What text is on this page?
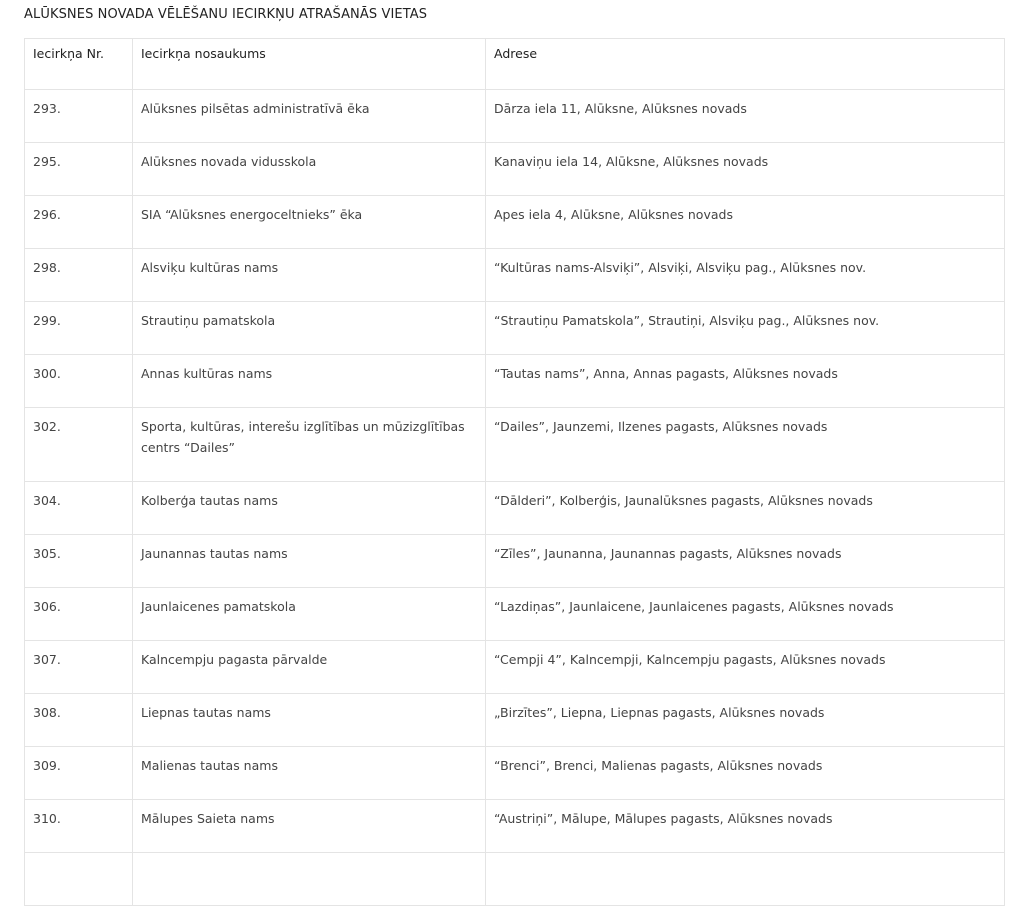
ALŪKSNES NOVADA VĒLĒŠANU IECIRKŅU ATRAŠANĀS VIETAS
Iecirkņa Nr.	Iecirkņa nosaukums	Adrese
293.	Alūksnes pilsētas administratīvā ēka	Dārza iela 11, Alūksne, Alūksnes novads
295.	Alūksnes novada vidusskola	Kanaviņu iela 14, Alūksne, Alūksnes novads
296.	SIA “Alūksnes energoceltnieks” ēka	Apes iela 4, Alūksne, Alūksnes novads
298.	Alsviķu kultūras nams	“Kultūras nams-Alsviķi”, Alsviķi, Alsviķu pag., Alūksnes nov.
299.	Strautiņu pamatskola	“Strautiņu Pamatskola”, Strautiņi, Alsviķu pag., Alūksnes nov.
300.	Annas kultūras nams	“Tautas nams”, Anna, Annas pagasts, Alūksnes novads
302.	Sporta, kultūras, interešu izglītības un mūzizglītības centrs “Dailes”	“Dailes”, Jaunzemi, Ilzenes pagasts, Alūksnes novads
304.	Kolberģa tautas nams	“Dālderi”, Kolberģis, Jaunalūksnes pagasts, Alūksnes novads
305.	Jaunannas tautas nams	“Zīles”, Jaunanna, Jaunannas pagasts, Alūksnes novads
306.	Jaunlaicenes pamatskola	“Lazdiņas”, Jaunlaicene, Jaunlaicenes pagasts, Alūksnes novads
307.	Kalncempju pagasta pārvalde	“Cempji 4”, Kalncempji, Kalncempju pagasts, Alūksnes novads
308.	Liepnas tautas nams	„Birzītes”, Liepna, Liepnas pagasts, Alūksnes novads
309.	Malienas tautas nams	“Brenci”, Brenci, Malienas pagasts, Alūksnes novads
310.	Mālupes Saieta nams	“Austriņi”, Mālupe, Mālupes pagasts, Alūksnes novads
